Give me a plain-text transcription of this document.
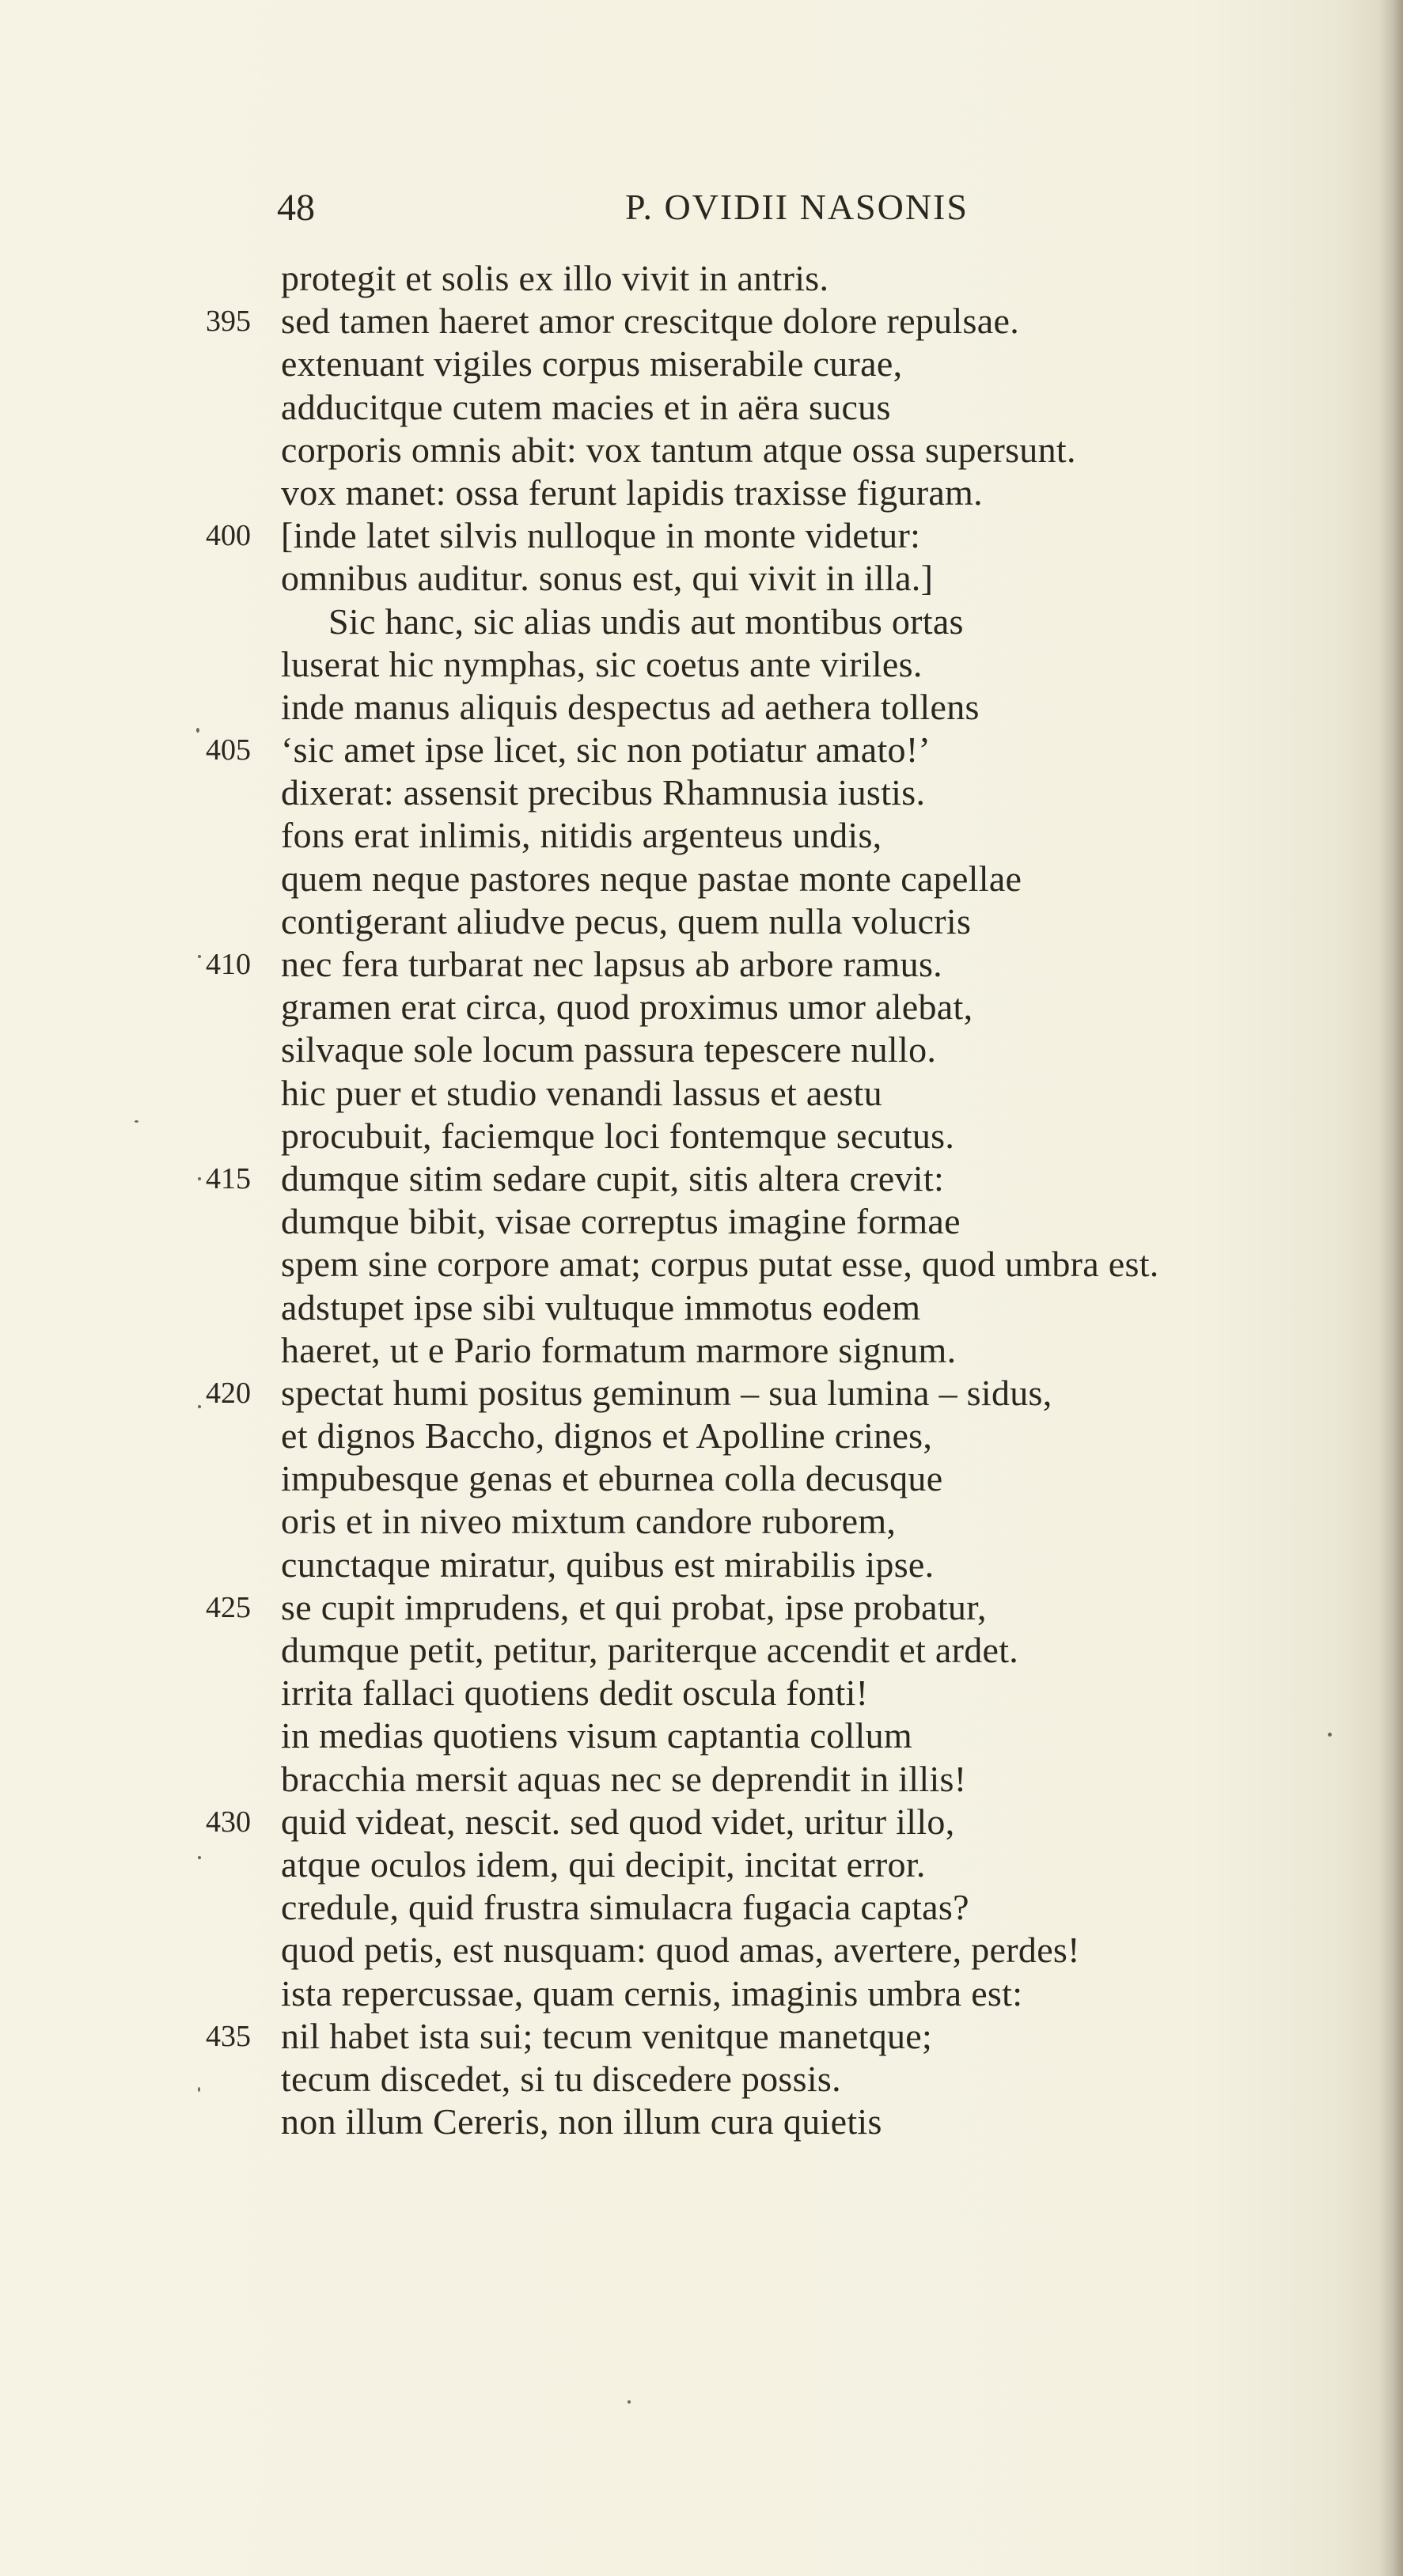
48	P. OVIDII NASONIS
protegit et solis ex illo vivit in antris.
395 sed tamen haeret amor crescitque dolore repulsae.
extenuant vigiles corpus miserabile curae,
adducitque cutem macies et in aëra sucus
corporis omnis abit: vox tantum atque ossa supersunt.
vox manet: ossa ferunt lapidis traxisse figuram.
400 [inde latet silvis nulloque in monte videtur:
omnibus auditur. sonus est, qui vivit in illa.]
Sic hanc, sic alias undis aut montibus ortas
luserat hic nymphas, sic coetus ante viriles.
inde manus aliquis despectus ad aethera tollens
405 ‘sic amet ipse licet, sic non potiatur amato!’
dixerat: assensit precibus Rhamnusia iustis.
fons erat inlimis, nitidis argenteus undis,
quem neque pastores neque pastae monte capellae
contigerant aliudve pecus, quem nulla volucris
410 nec fera turbarat nec lapsus ab arbore ramus.
gramen erat circa, quod proximus umor alebat,
silvaque sole locum passura tepescere nullo.
hic puer et studio venandi lassus et aestu
procubuit, faciemque loci fontemque secutus.
415 dumque sitim sedare cupit, sitis altera crevit:
dumque bibit, visae correptus imagine formae
spem sine corpore amat; corpus putat esse, quod umbra est.
adstupet ipse sibi vultuque immotus eodem
haeret, ut e Pario formatum marmore signum.
420 spectat humi positus geminum – sua lumina – sidus,
et dignos Baccho, dignos et Apolline crines,
impubesque genas et eburnea colla decusque
oris et in niveo mixtum candore ruborem,
cunctaque miratur, quibus est mirabilis ipse.
425 se cupit imprudens, et qui probat, ipse probatur,
dumque petit, petitur, pariterque accendit et ardet.
irrita fallaci quotiens dedit oscula fonti!
in medias quotiens visum captantia collum
bracchia mersit aquas nec se deprendit in illis!
430 quid videat, nescit. sed quod videt, uritur illo,
atque oculos idem, qui decipit, incitat error.
credule, quid frustra simulacra fugacia captas?
quod petis, est nusquam: quod amas, avertere, perdes!
ista repercussae, quam cernis, imaginis umbra est:
435 nil habet ista sui; tecum venitque manetque;
tecum discedet, si tu discedere possis.
non illum Cereris, non illum cura quietis
